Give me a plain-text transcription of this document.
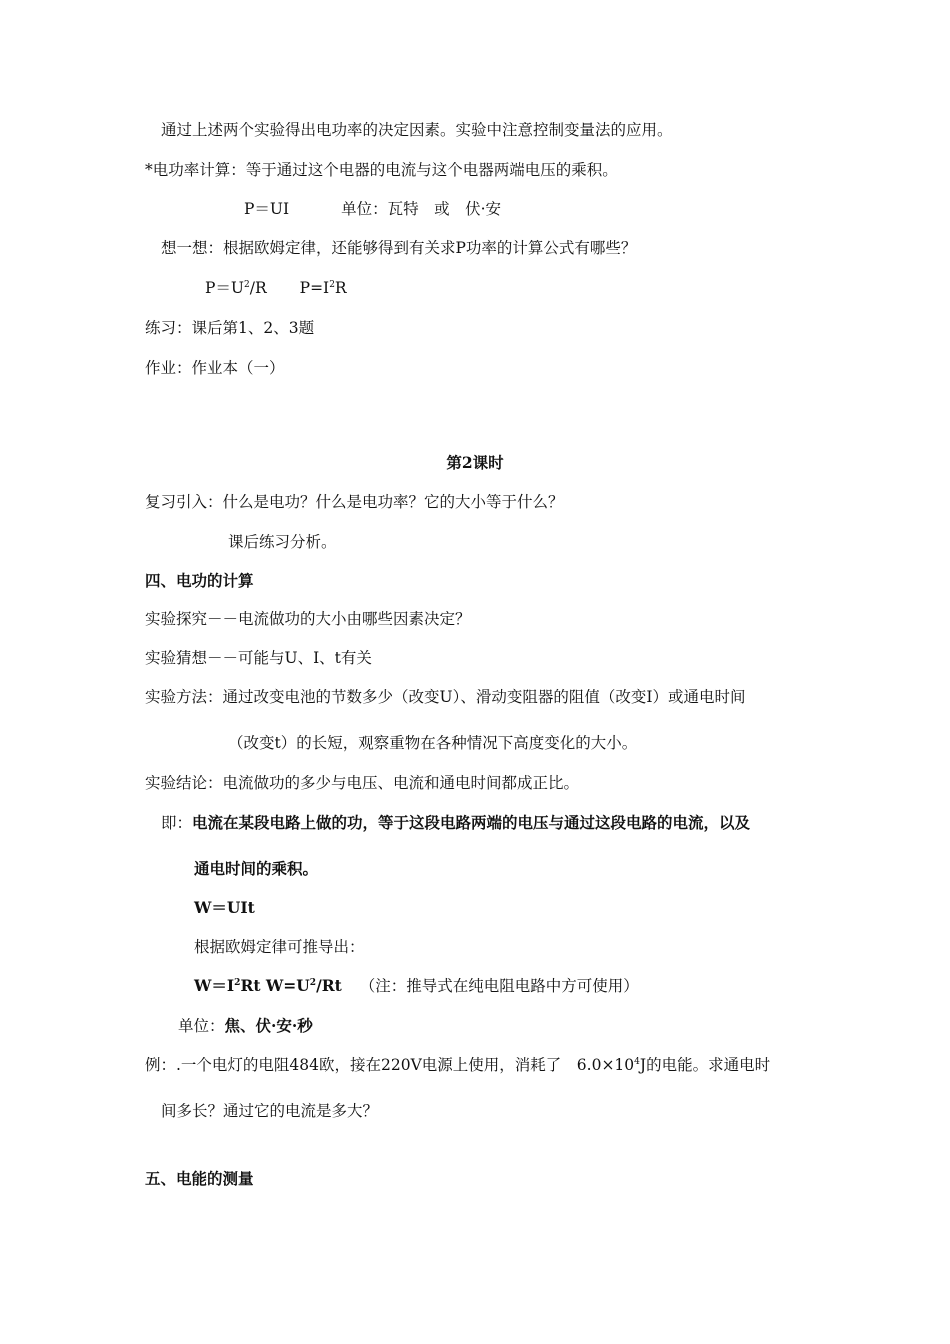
通过上述两个实验得出电功率的决定因素。实验中注意控制变量法的应用。
*电功率计算：等于通过这个电器的电流与这个电器两端电压的乘积。
P＝UI	单位：瓦特　或　伏·安
想一想：根据欧姆定律，还能够得到有关求P功率的计算公式有哪些？
$P=U^2/R$ $P=I^2R$
练习：课后第1、2、3题
作业：作业本（一）
第2课时
复习引入：什么是电功？什么是电功率？它的大小等于什么？
课后练习分析。
四、电功的计算
实验探究－－电流做功的大小由哪些因素决定？
实验猜想－－可能与U、I、t有关
实验方法：通过改变电池的节数多少（改变U）、滑动变阻器的阻值（改变I）或通电时间
（改变t）的长短，观察重物在各种情况下高度变化的大小。
实验结论：电流做功的多少与电压、电流和通电时间都成正比。
即：电流在某段电路上做的功，等于这段电路两端的电压与通过这段电路的电流，以及
通电时间的乘积。
W＝UIt
根据欧姆定律可推导出：
$W=I^2Rt$ $W=U^2/Rt$ （注：推导式在纯电阻电路中方可使用）
单位：焦、伏·安·秒
例：.一个电灯的电阻484欧，接在220V电源上使用，消耗了　$6.0\times 10^4J$的电能。求通电时
间多长？通过它的电流是多大？
五、电能的测量
